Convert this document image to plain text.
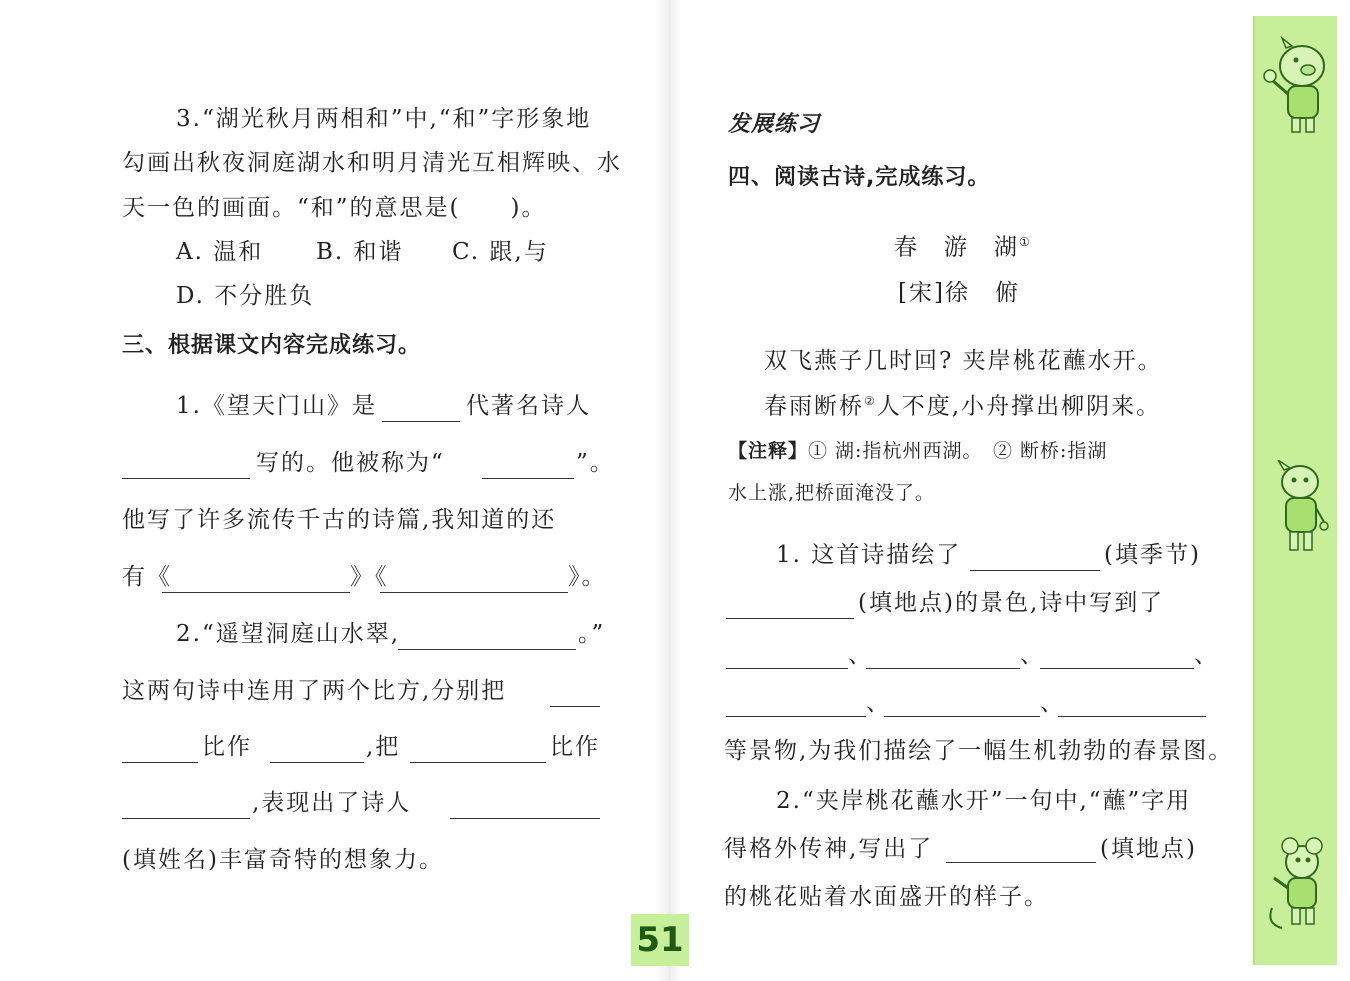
3.“湖光秋月两相和”中,“和”字形象地
勾画出秋夜洞庭湖水和明月清光互相辉映、水
天一色的画面。“和”的意思是(　　)。
A. 温和 B. 和谐 C. 跟,与
D. 不分胜负
三、根据课文内容完成练习。
1.《望天门山》是	代著名诗人
写的。他被称为“	”。
他写了许多流传千古的诗篇,我知道的还
有《	》《	》。
2.“遥望洞庭山水翠,	。”
这两句诗中连用了两个比方,分别把
比作	,把	比作
,表现出了诗人
(填姓名)丰富奇特的想象力。
51
发展练习
四、阅读古诗,完成练习。
春　游　湖①
[宋]徐　俯
双飞燕子几时回? 夹岸桃花蘸水开。
春雨断桥②人不度,小舟撑出柳阴来。
【注释】① 湖:指杭州西湖。　② 断桥:指湖
水上涨,把桥面淹没了。
1. 这首诗描绘了	(填季节)
(填地点)的景色,诗中写到了
、	、	、
、	、
等景物,为我们描绘了一幅生机勃勃的春景图。
2.“夹岸桃花蘸水开”一句中,“蘸”字用
得格外传神,写出了	(填地点)
的桃花贴着水面盛开的样子。
